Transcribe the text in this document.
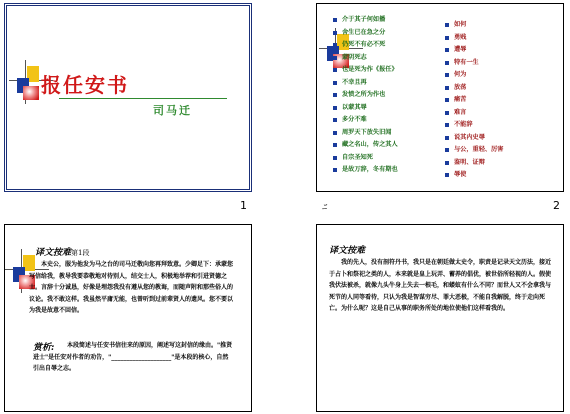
报任安书
司马迁
1
介于其子何如播
舍生已在急之分
仍死不有必不死
蒙阴死志
也是死为作《报任》
不幸且再
发愤之所为作也
以蒙其辱
多分不难
周罗天下放失旧闻
藏之名山，传之其人
自宗圣知死
是故万辞，冬有期也
如何
勇贱
遭辱
特有一生
何为
放荡
痛苦
难言
不能辞
说其内史辱
与公，重轻、厉害
鉴明、证辩
辱使
ﾆ	2
译文按难第1段
本史公，服为他发为马之台的司马迁敬向您再拜致意。少卿足下：承蒙您写信给我，教导我要恭敬地对待别人，结交士人，积极地举荐和引进贤德之士。言辞十分诚恳，好像是埋怨我没有遵从您的教诲，而随声附和那些俗人的议论。我不敢这样。我虽然平庸无能，也曾听到过前辈贤人的遗风。您不要以为我是故意不回信。
赏析:	本段简述与任安书信往来的原因，阐述写这封信的缘由。"推贤进士"是任安对作者的劝告，"____________________"是本段的核心，自然引出自辱之志。
译文按难
我的先人，没有剖符丹书，我只是在朝廷做太史令，职责是记录天文历法，接近于占卜和祭祀之类的人，本来就是皇上玩弄、蓄养的倡优，被世俗所轻视的人。假使我伏法被杀，就像九头牛身上失去一根毛，和蝼蚁有什么不同？而世人又不会拿我与死节的人同等看待，只认为我是智谋穷尽、罪大恶极，不能自我解脱，终于走向死亡。为什么呢？这是自己从事的职务所处的地位使他们这样看我的。
